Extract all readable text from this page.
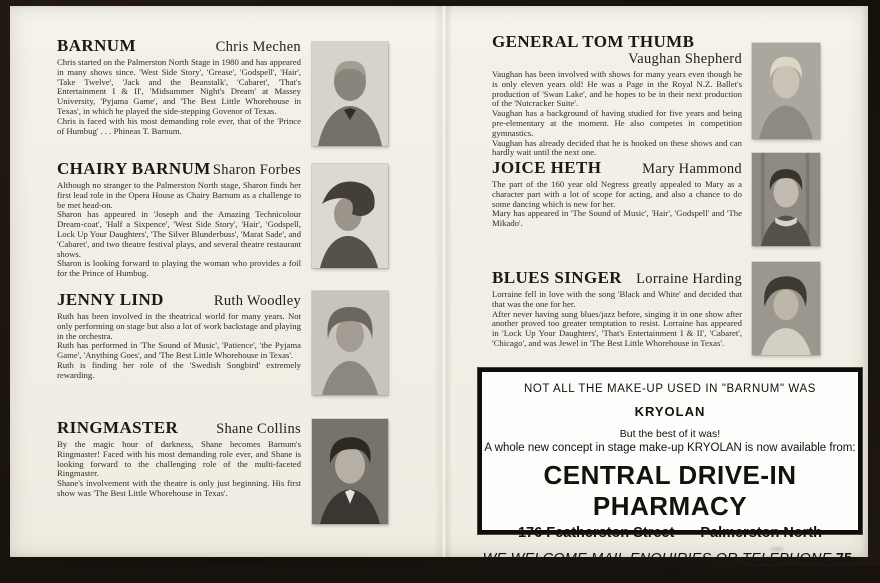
BARNUM	Chris Mechen

Chris started on the Palmerston North Stage in 1980 and has appeared in many shows since. 'West Side Story', 'Grease', 'Godspell', 'Hair', 'Take Twelve', 'Jack and the Beanstalk', 'Cabaret', 'That's Entertainment I & II', 'Midsummer Night's Dream' at Massey University, 'Pyjama Game', and 'The Best Little Whorehouse in Texas', in which he played the side-stepping Govenor of Texas.

Chris is faced with his most demanding role ever, that of the 'Prince of Humbug' . . . Phineas T. Barnum.

CHAIRY BARNUM Sharon Forbes

Although no stranger to the Palmerston North stage, Sharon finds her first lead role in the Opera House as Chairy Barnum as a challenge to be met head-on.

Sharon has appeared in 'Joseph and the Amazing Technicolour Dream-coat', 'Half a Sixpence', 'West Side Story', 'Hair', 'Godspell, Lock Up Your Daughters', 'The Silver Blunderbuss', 'Marat Sade', and 'Cabaret', and two theatre festival plays, and several theatre restaurant shows.

Sharon is looking forward to playing the woman who provides a foil for the Prince of Humbug.

JENNY LIND	Ruth Woodley

Ruth has been involved in the theatrical world for many years. Not only performing on stage but also a lot of work backstage and playing in the orchestra.

Ruth has performed in 'The Sound of Music', 'Patience', 'the Pyjama Game', 'Anything Goes', and 'The Best Little Whorehouse in Texas'.

Ruth is finding her role of the 'Swedish Songbird' extremely rewarding.

RINGMASTER	Shane Collins

By the magic hour of darkness, Shane becomes Barnum's Ringmaster! Faced with his most demanding role ever, and Shane is looking forward to the challenging role of the multi-faceted Ringmaster.

Shane's involvement with the theatre is only just beginning. His first show was 'The Best Little Whorehouse in Texas'.

GENERAL TOM THUMB
Vaughan Shepherd

Vaughan has been involved with shows for many years even though he is only eleven years old! He was a Page in the Royal N.Z. Ballet's production of 'Swan Lake', and he hopes to be in their next production of the 'Nutcracker Suite'.

Vaughan has a background of having studied for five years and being pre-elementary at the moment. He also competes in competition gymnastics.

Vaughan has already decided that he is hooked on these shows and can hardly wait until the next one.

JOICE HETH	Mary Hammond

The part of the 160 year old Negress greatly appealed to Mary as a character part with a lot of scope for acting, and also a chance to do some dancing which is new for her.

Mary has appeared in 'The Sound of Music', 'Hair', 'Godspell' and 'The Mikado'.

BLUES SINGER Lorraine Harding

Lorraine fell in love with the song 'Black and White' and decided that that was the one for her.

After never having sung blues/jazz before, singing it in one show after another proved too greater temptation to resist. Lorraine has appeared in 'Lock Up Your Daughters', 'That's Entertainment I & II', 'Cabaret', 'Chicago', and was Jewel in 'The Best Little Whorehouse in Texas'.

NOT ALL THE MAKE-UP USED IN "BARNUM" WAS
KRYOLAN
But the best of it was!
A whole new concept in stage make-up KRYOLAN is now available from:
CENTRAL DRIVE-IN PHARMACY
176 Featherston Street Palmerston North
WE WELCOME MAIL ENQUIRIES OR TELEPHONE 75-549
